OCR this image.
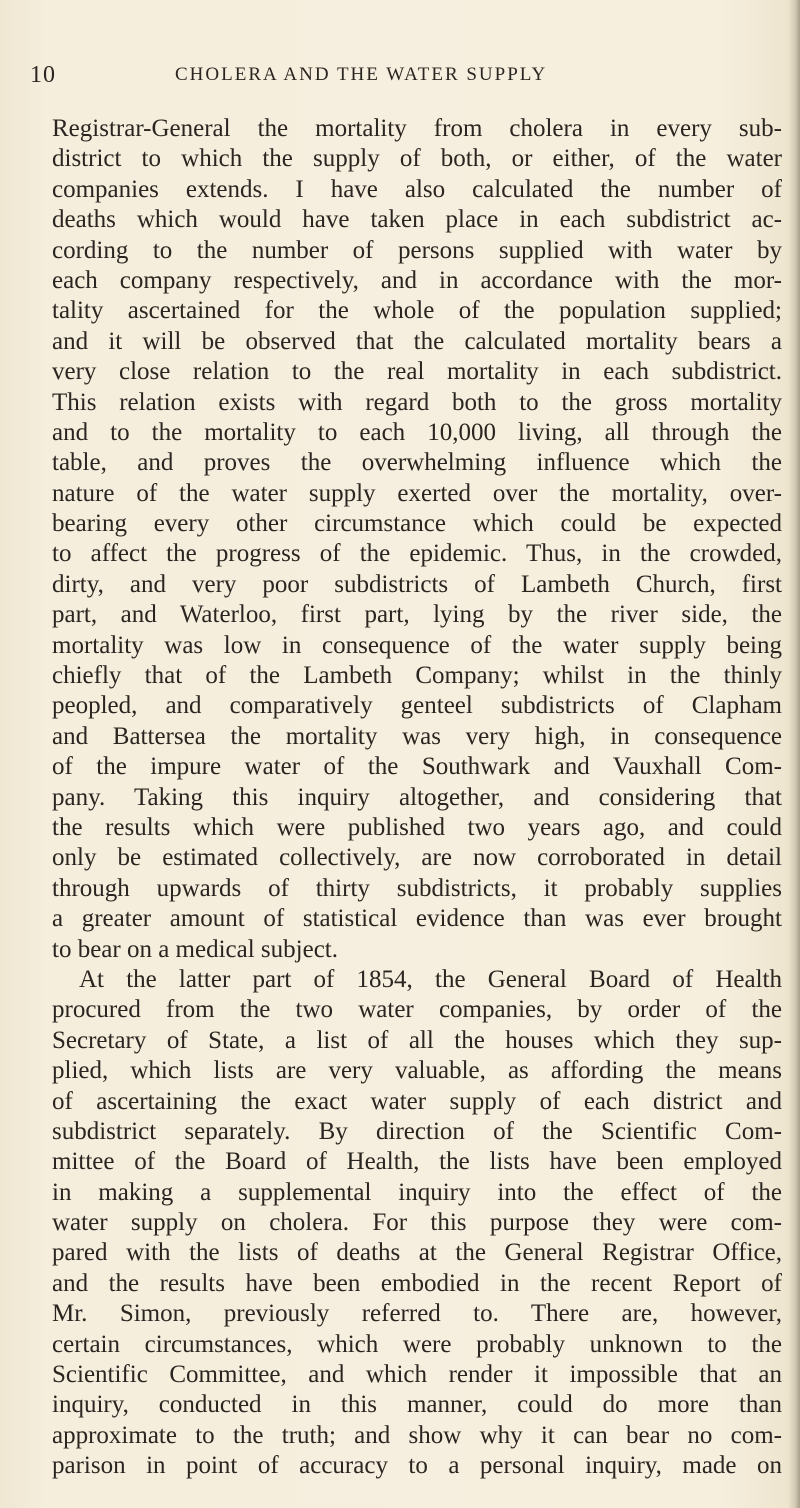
10	CHOLERA AND THE WATER SUPPLY
Registrar-General the mortality from cholera in every sub-
district to which the supply of both, or either, of the water
companies extends. I have also calculated the number of
deaths which would have taken place in each subdistrict ac-
cording to the number of persons supplied with water by
each company respectively, and in accordance with the mor-
tality ascertained for the whole of the population supplied;
and it will be observed that the calculated mortality bears a
very close relation to the real mortality in each subdistrict.
This relation exists with regard both to the gross mortality
and to the mortality to each 10,000 living, all through the
table, and proves the overwhelming influence which the
nature of the water supply exerted over the mortality, over-
bearing every other circumstance which could be expected
to affect the progress of the epidemic. Thus, in the crowded,
dirty, and very poor subdistricts of Lambeth Church, first
part, and Waterloo, first part, lying by the river side, the
mortality was low in consequence of the water supply being
chiefly that of the Lambeth Company; whilst in the thinly
peopled, and comparatively genteel subdistricts of Clapham
and Battersea the mortality was very high, in consequence
of the impure water of the Southwark and Vauxhall Com-
pany. Taking this inquiry altogether, and considering that
the results which were published two years ago, and could
only be estimated collectively, are now corroborated in detail
through upwards of thirty subdistricts, it probably supplies
a greater amount of statistical evidence than was ever brought
to bear on a medical subject.
At the latter part of 1854, the General Board of Health
procured from the two water companies, by order of the
Secretary of State, a list of all the houses which they sup-
plied, which lists are very valuable, as affording the means
of ascertaining the exact water supply of each district and
subdistrict separately. By direction of the Scientific Com-
mittee of the Board of Health, the lists have been employed
in making a supplemental inquiry into the effect of the
water supply on cholera. For this purpose they were com-
pared with the lists of deaths at the General Registrar Office,
and the results have been embodied in the recent Report of
Mr. Simon, previously referred to. There are, however,
certain circumstances, which were probably unknown to the
Scientific Committee, and which render it impossible that an
inquiry, conducted in this manner, could do more than
approximate to the truth; and show why it can bear no com-
parison in point of accuracy to a personal inquiry, made on
